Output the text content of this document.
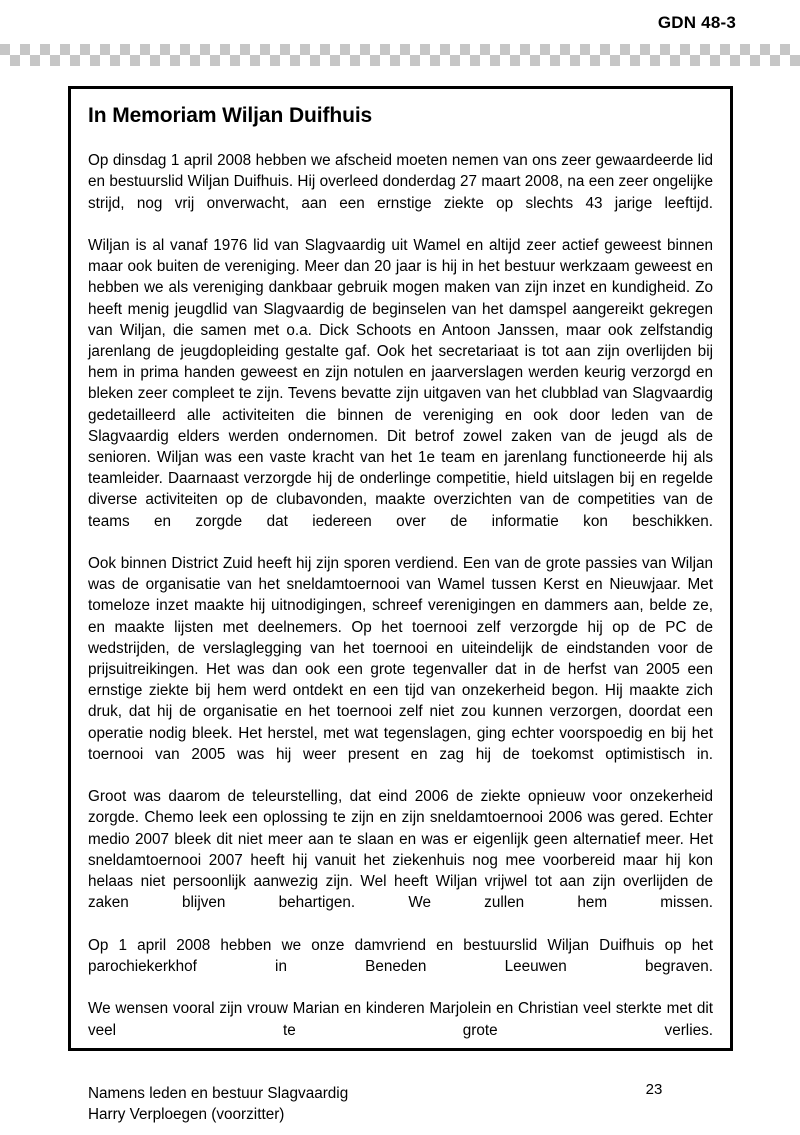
GDN 48-3
In Memoriam Wiljan Duifhuis

Op dinsdag 1 april 2008 hebben we afscheid moeten nemen van ons zeer gewaardeerde lid en bestuurslid Wiljan Duifhuis. Hij overleed donderdag 27 maart 2008, na een zeer ongelijke strijd, nog vrij onverwacht, aan een ernstige ziekte op slechts 43 jarige leeftijd.

Wiljan is al vanaf 1976 lid van Slagvaardig uit Wamel en altijd zeer actief geweest binnen maar ook buiten de vereniging. Meer dan 20 jaar is hij in het bestuur werkzaam geweest en hebben we als vereniging dankbaar gebruik mogen maken van zijn inzet en kundigheid. Zo heeft menig jeugdlid van Slagvaardig de beginselen van het damspel aangereikt gekregen van Wiljan, die samen met o.a. Dick Schoots en Antoon Janssen, maar ook zelfstandig jarenlang de jeugdopleiding gestalte gaf. Ook het secretariaat is tot aan zijn overlijden bij hem in prima handen geweest en zijn notulen en jaarverslagen werden keurig verzorgd en bleken zeer compleet te zijn. Tevens bevatte zijn uitgaven van het clubblad van Slagvaardig gedetailleerd alle activiteiten die binnen de vereniging en ook door leden van de Slagvaardig elders werden ondernomen. Dit betrof zowel zaken van de jeugd als de senioren. Wiljan was een vaste kracht van het 1e team en jarenlang functioneerde hij als teamleider. Daarnaast verzorgde hij de onderlinge competitie, hield uitslagen bij en regelde diverse activiteiten op de clubavonden, maakte overzichten van de competities van de teams en zorgde dat iedereen over de informatie kon beschikken.

Ook binnen District Zuid heeft hij zijn sporen verdiend. Een van de grote passies van Wiljan was de organisatie van het sneldamtoernooi van Wamel tussen Kerst en Nieuwjaar. Met tomeloze inzet maakte hij uitnodigingen, schreef verenigingen en dammers aan, belde ze, en maakte lijsten met deelnemers. Op het toernooi zelf verzorgde hij op de PC de wedstrijden, de verslaglegging van het toernooi en uiteindelijk de eindstanden voor de prijsuitreikingen. Het was dan ook een grote tegenvaller dat in de herfst van 2005 een ernstige ziekte bij hem werd ontdekt en een tijd van onzekerheid begon. Hij maakte zich druk, dat hij de organisatie en het toernooi zelf niet zou kunnen verzorgen, doordat een operatie nodig bleek. Het herstel, met wat tegenslagen, ging echter voorspoedig en bij het toernooi van 2005 was hij weer present en zag hij de toekomst optimistisch in.

Groot was daarom de teleurstelling, dat eind 2006 de ziekte opnieuw voor onzekerheid zorgde. Chemo leek een oplossing te zijn en zijn sneldamtoernooi 2006 was gered. Echter medio 2007 bleek dit niet meer aan te slaan en was er eigenlijk geen alternatief meer. Het sneldamtoernooi 2007 heeft hij vanuit het ziekenhuis nog mee voorbereid maar hij kon helaas niet persoonlijk aanwezig zijn. Wel heeft Wiljan vrijwel tot aan zijn overlijden de zaken blijven behartigen. We zullen hem missen.

Op 1 april 2008 hebben we onze damvriend en bestuurslid Wiljan Duifhuis op het parochiekerkhof in Beneden Leeuwen begraven.

We wensen vooral zijn vrouw Marian en kinderen Marjolein en Christian veel sterkte met dit veel te grote verlies.

Namens leden en bestuur Slagvaardig
Harry Verploegen (voorzitter)
23
